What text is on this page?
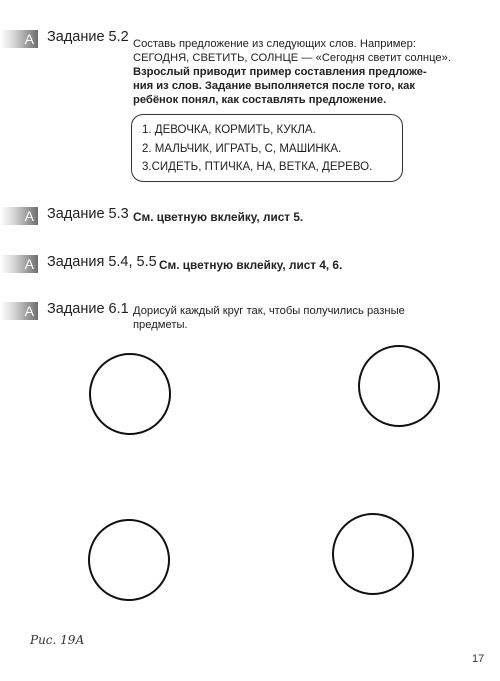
А Задание 5.2 Составь предложение из следующих слов. Например:
СЕГОДНЯ, СВЕТИТЬ, СОЛНЦЕ — «Сегодня светит солнце».
Взрослый приводит пример составления предложе-
ния из слов. Задание выполняется после того, как
ребёнок понял, как составлять предложение.
1. ДЕВОЧКА, КОРМИТЬ, КУКЛА.
2. МАЛЬЧИК, ИГРАТЬ, С, МАШИНКА.
3.СИДЕТЬ, ПТИЧКА, НА, ВЕТКА, ДЕРЕВО.
А Задание 5.3 См. цветную вклейку, лист 5.
А Задания 5.4, 5.5 См. цветную вклейку, лист 4, 6.
А Задание 6.1 Дорисуй каждый круг так, чтобы получились разные
предметы.
Рис. 19А
17
